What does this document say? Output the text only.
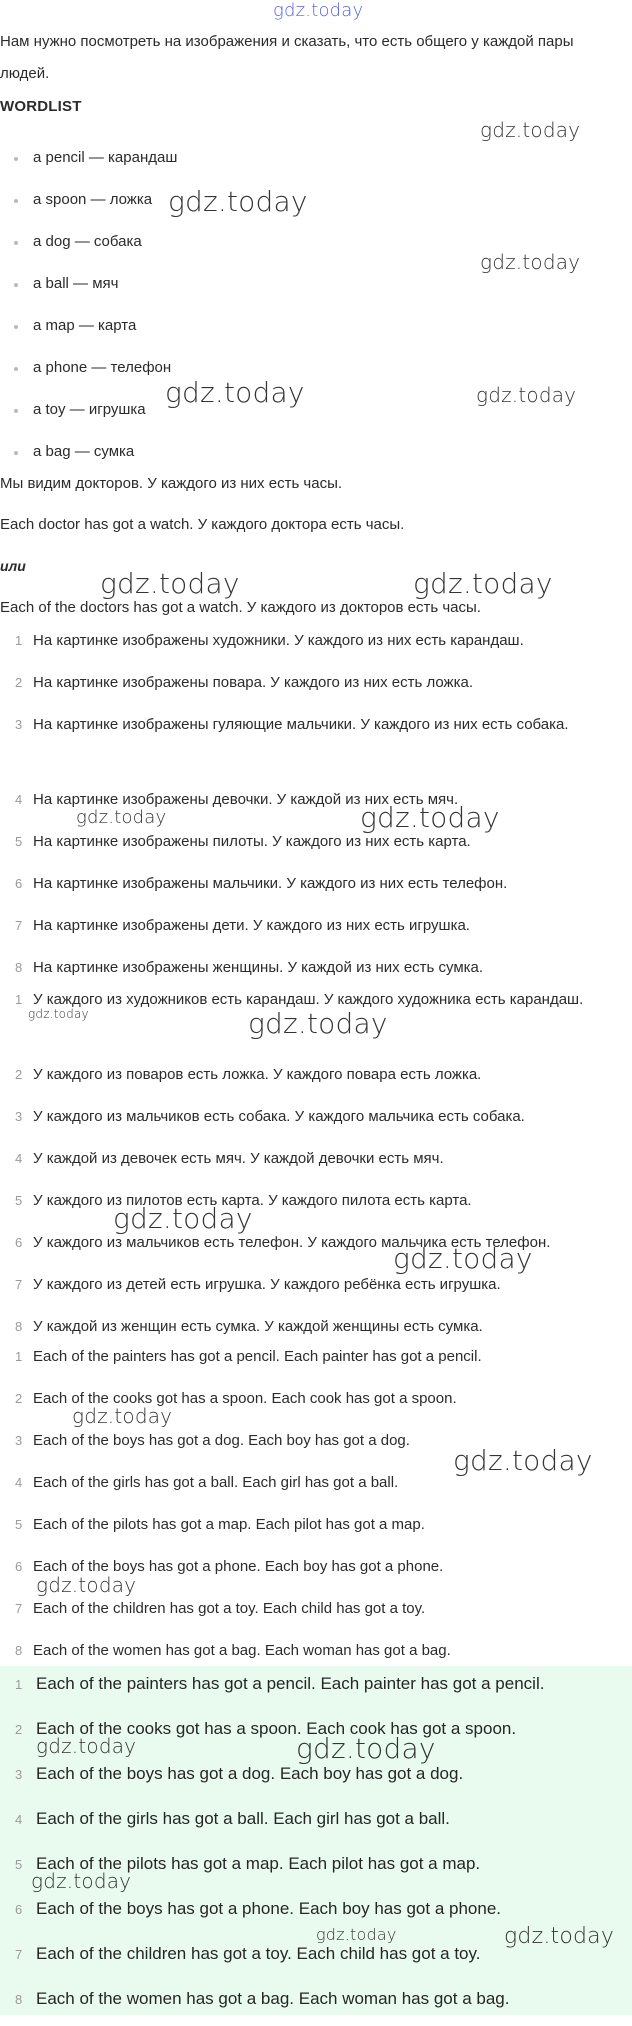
gdz.today

Нам нужно посмотреть на изображения и сказать, что есть общего у каждой пары людей.

WORDLIST
a pencil — карандаш
a spoon — ложка
a dog — собака
a ball — мяч
a map — карта
a phone — телефон
a toy — игрушка
a bag — сумка
Мы видим докторов. У каждого из них есть часы.
Each doctor has got a watch. У каждого доктора есть часы.
или
Each of the doctors has got a watch. У каждого из докторов есть часы.
1 На картинке изображены художники. У каждого из них есть карандаш.
2 На картинке изображены повара. У каждого из них есть ложка.
3 На картинке изображены гуляющие мальчики. У каждого из них есть собака.
4 На картинке изображены девочки. У каждой из них есть мяч.
5 На картинке изображены пилоты. У каждого из них есть карта.
6 На картинке изображены мальчики. У каждого из них есть телефон.
7 На картинке изображены дети. У каждого из них есть игрушка.
8 На картинке изображены женщины. У каждой из них есть сумка.
1 У каждого из художников есть карандаш. У каждого художника есть карандаш.
2 У каждого из поваров есть ложка. У каждого повара есть ложка.
3 У каждого из мальчиков есть собака. У каждого мальчика есть собака.
4 У каждой из девочек есть мяч. У каждой девочки есть мяч.
5 У каждого из пилотов есть карта. У каждого пилота есть карта.
6 У каждого из мальчиков есть телефон. У каждого мальчика есть телефон.
7 У каждого из детей есть игрушка. У каждого ребёнка есть игрушка.
8 У каждой из женщин есть сумка. У каждой женщины есть сумка.
1 Each of the painters has got a pencil. Each painter has got a pencil.
2 Each of the cooks got has a spoon. Each cook has got a spoon.
3 Each of the boys has got a dog. Each boy has got a dog.
4 Each of the girls has got a ball. Each girl has got a ball.
5 Each of the pilots has got a map. Each pilot has got a map.
6 Each of the boys has got a phone. Each boy has got a phone.
7 Each of the children has got a toy. Each child has got a toy.
8 Each of the women has got a bag. Each woman has got a bag.
1 Each of the painters has got a pencil. Each painter has got a pencil.
2 Each of the cooks got has a spoon. Each cook has got a spoon.
3 Each of the boys has got a dog. Each boy has got a dog.
4 Each of the girls has got a ball. Each girl has got a ball.
5 Each of the pilots has got a map. Each pilot has got a map.
6 Each of the boys has got a phone. Each boy has got a phone.
7 Each of the children has got a toy. Each child has got a toy.
8 Each of the women has got a bag. Each woman has got a bag.
gdz.today
gdz.today
gdz.today
gdz.today	gdz.today
gdz.today	gdz.today
gdz.today	gdz.today
gdz.today	gdz.today
gdz.today
gdz.today
gdz.today
gdz.today
gdz.today
gdz.today	gdz.today
gdz.today
gdz.today	gdz.today
